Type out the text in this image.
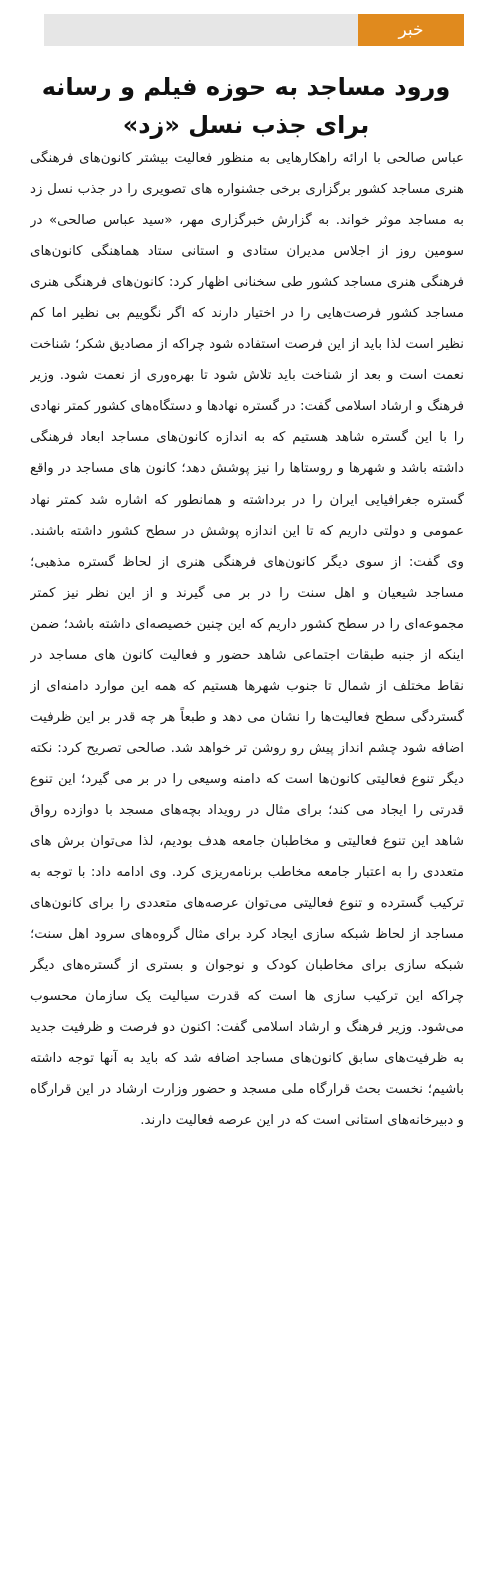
خبر
ورود مساجد به حوزه فیلم و رسانه
برای جذب نسل «زد»

عباس صالحی با ارائه راهکارهایی به منظور فعالیت بیشتر کانون‌های فرهنگی هنری مساجد کشور برگزاری برخی جشنواره های تصویری را در جذب نسل زد به مساجد موثر خواند. به گزارش خبرگزاری مهر، «سید عباس صالحی» در سومین روز از اجلاس مدیران ستادی و استانی ستاد هماهنگی کانون‌های فرهنگی هنری مساجد کشور طی سخنانی اظهار کرد: کانون‌های فرهنگی هنری مساجد کشور فرصت‌هایی را در اختیار دارند که اگر نگوییم بی نظیر اما کم نظیر است لذا باید از این فرصت استفاده شود چراکه از مصادیق شکر؛ شناخت نعمت است و بعد از شناخت باید تلاش شود تا بهره‌وری از نعمت شود. وزیر فرهنگ و ارشاد اسلامی گفت: در گستره نهادها و دستگاه‌های کشور کمتر نهادی را با این گستره شاهد هستیم که به اندازه کانون‌های مساجد ابعاد فرهنگی داشته باشد و شهرها و روستاها را نیز پوشش دهد؛ کانون های مساجد در واقع گستره جغرافیایی ایران را در برداشته و همانطور که اشاره شد کمتر نهاد عمومی و دولتی داریم که تا این اندازه پوشش در سطح کشور داشته باشند. وی گفت: از سوی دیگر کانون‌های فرهنگی هنری از لحاظ گستره مذهبی؛ مساجد شیعیان و اهل سنت را در بر می گیرند و از این نظر نیز کمتر مجموعه‌ای را در سطح کشور داریم که این چنین خصیصه‌ای داشته باشد؛ ضمن اینکه از جنبه طبقات اجتماعی شاهد حضور و فعالیت کانون های مساجد در نقاط مختلف از شمال تا جنوب شهرها هستیم که همه این موارد دامنه‌ای از گستردگی سطح فعالیت‌ها را نشان می دهد و طبعاً هر چه قدر بر این ظرفیت اضافه شود چشم انداز پیش رو روشن تر خواهد شد. صالحی تصریح کرد: نکته دیگر تنوع فعالیتی کانون‌ها است که دامنه وسیعی را در بر می گیرد؛ این تنوع قدرتی را ایجاد می کند؛ برای مثال در رویداد بچه‌های مسجد با دوازده رواق شاهد این تنوع فعالیتی و مخاطبان جامعه هدف بودیم، لذا می‌توان برش های متعددی را به اعتبار جامعه مخاطب برنامه‌ریزی کرد. وی ادامه داد: با توجه به ترکیب گسترده و تنوع فعالیتی می‌توان عرصه‌های متعددی را برای کانون‌های مساجد از لحاظ شبکه سازی ایجاد کرد برای مثال گروه‌های سرود اهل سنت؛ شبکه سازی برای مخاطبان کودک و نوجوان و بستری از گستره‌های دیگر چراکه این ترکیب سازی ها است که قدرت سیالیت یک سازمان محسوب می‌شود. وزیر فرهنگ و ارشاد اسلامی گفت: اکنون دو فرصت و ظرفیت جدید به ظرفیت‌های سابق کانون‌های مساجد اضافه شد که باید به آنها توجه داشته باشیم؛ نخست بحث قرارگاه ملی مسجد و حضور وزارت ارشاد در این قرارگاه و دبیرخانه‌های استانی است که در این عرصه فعالیت دارند.
